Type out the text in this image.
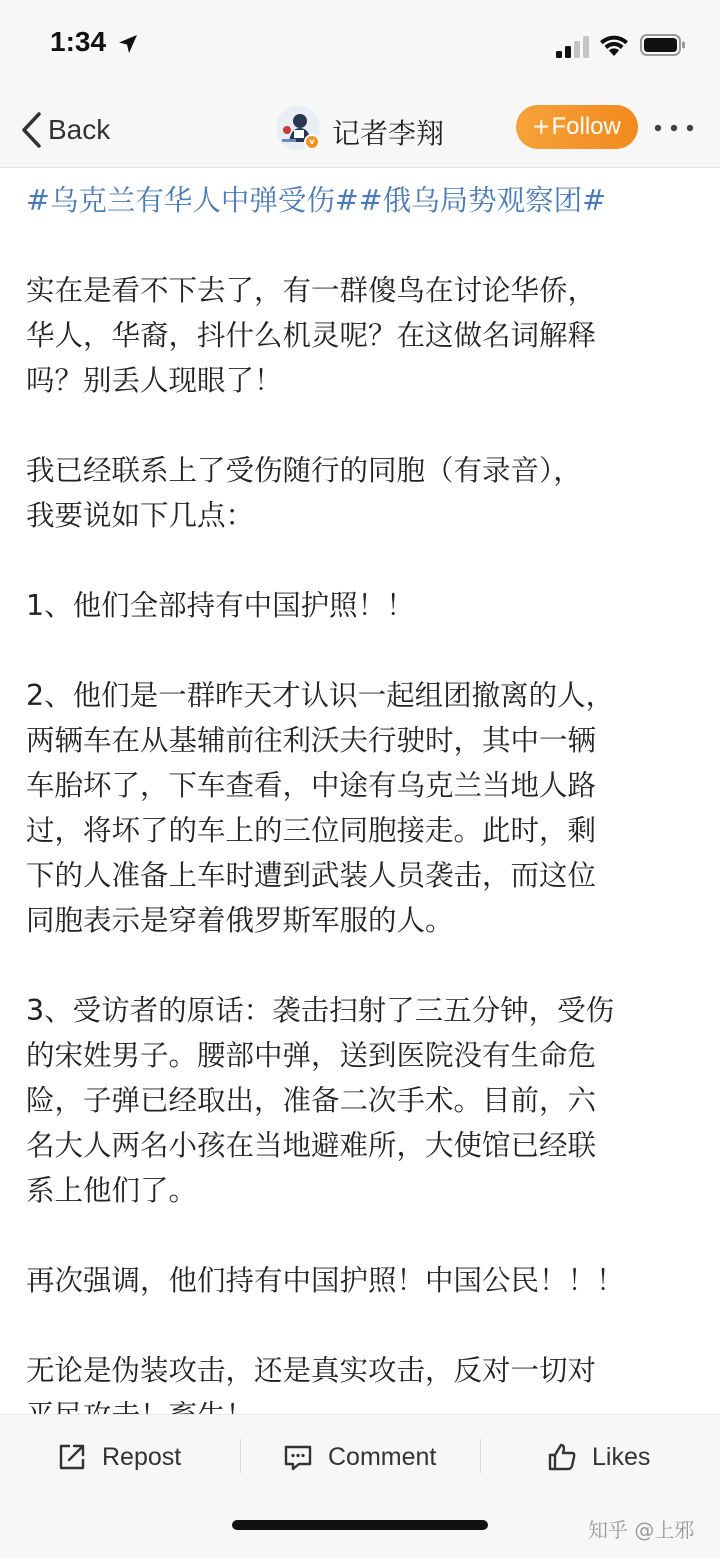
1:34
Back	v 记者李翔	+ Follow

#乌克兰有华人中弹受伤##俄乌局势观察团#

实在是看不下去了，有一群傻鸟在讨论华侨，

华人，华裔，抖什么机灵呢？在这做名词解释

吗？别丢人现眼了！

我已经联系上了受伤随行的同胞（有录音），

我要说如下几点：

1、他们全部持有中国护照！！

2、他们是一群昨天才认识一起组团撤离的人，

两辆车在从基辅前往利沃夫行驶时，其中一辆

车胎坏了，下车查看，中途有乌克兰当地人路

过，将坏了的车上的三位同胞接走。此时，剩

下的人准备上车时遭到武装人员袭击，而这位

同胞表示是穿着俄罗斯军服的人。

3、受访者的原话：袭击扫射了三五分钟，受伤

的宋姓男子。腰部中弹，送到医院没有生命危

险，子弹已经取出，准备二次手术。目前，六

名大人两名小孩在当地避难所，大使馆已经联

系上他们了。

再次强调，他们持有中国护照！中国公民！！！

无论是伪装攻击，还是真实攻击，反对一切对

Repost	Comment	Likes
知乎 @上邪
